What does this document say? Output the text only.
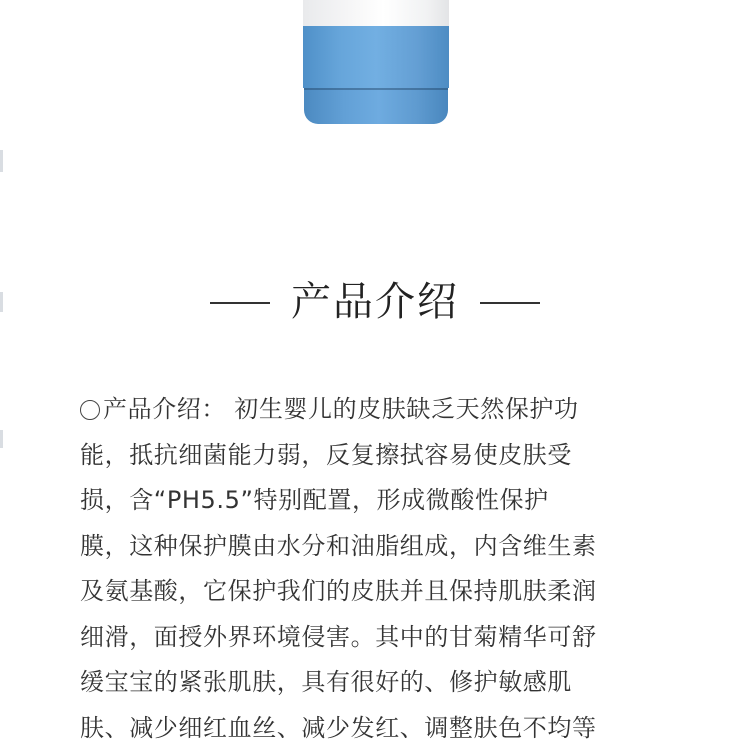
产品介绍
产品介绍： 初生婴儿的皮肤缺乏天然保护功
能，抵抗细菌能力弱，反复擦拭容易使皮肤受
损，含“PH5.5”特别配置，形成微酸性保护
膜，这种保护膜由水分和油脂组成，内含维生素
及氨基酸，它保护我们的皮肤并且保持肌肤柔润
细滑，面授外界环境侵害。其中的甘菊精华可舒
缓宝宝的紧张肌肤，具有很好的、修护敏感肌
肤、减少细红血丝、减少发红、调整肤色不均等
